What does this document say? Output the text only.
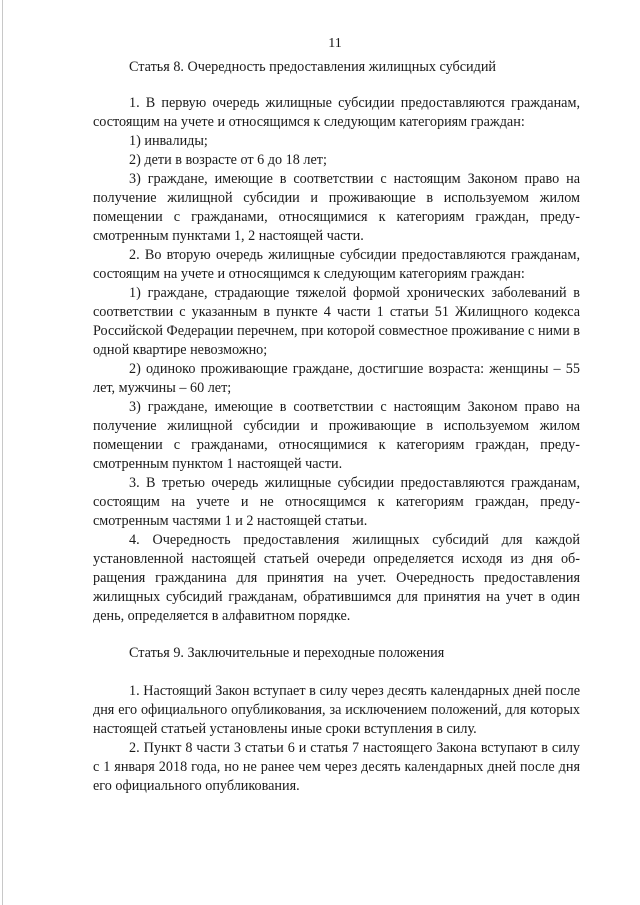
11

Статья 8. Очередность предоставления жилищных субсидий

1. В первую очередь жилищные субсидии предоставляются гражданам, состоящим на учете и относящимся к следующим категориям граждан:

1) инвалиды;

2) дети в возрасте от 6 до 18 лет;

3) граждане, имеющие в соответствии с настоящим Законом право на получение жилищной субсидии и проживающие в используемом жилом помещении с гражданами, относящимися к категориям граждан, предусмотренным пунктами 1, 2 настоящей части.

2. Во вторую очередь жилищные субсидии предоставляются гражданам, состоящим на учете и относящимся к следующим категориям граждан:

1) граждане, страдающие тяжелой формой хронических заболеваний в соответствии с указанным в пункте 4 части 1 статьи 51 Жилищного кодекса Российской Федерации перечнем, при которой совместное проживание с ними в одной квартире невозможно;

2) одиноко проживающие граждане, достигшие возраста: женщины – 55 лет, мужчины – 60 лет;

3) граждане, имеющие в соответствии с настоящим Законом право на получение жилищной субсидии и проживающие в используемом жилом помещении с гражданами, относящимися к категориям граждан, предусмотренным пунктом 1 настоящей части.

3. В третью очередь жилищные субсидии предоставляются гражданам, состоящим на учете и не относящимся к категориям граждан, предусмотренным частями 1 и 2 настоящей статьи.

4. Очередность предоставления жилищных субсидий для каждой установленной настоящей статьей очереди определяется исходя из дня обращения гражданина для принятия на учет. Очередность предоставления жилищных субсидий гражданам, обратившимся для принятия на учет в один день, определяется в алфавитном порядке.

Статья 9. Заключительные и переходные положения

1. Настоящий Закон вступает в силу через десять календарных дней после дня его официального опубликования, за исключением положений, для которых настоящей статьей установлены иные сроки вступления в силу.

2. Пункт 8 части 3 статьи 6 и статья 7 настоящего Закона вступают в силу с 1 января 2018 года, но не ранее чем через десять календарных дней после дня его официального опубликования.
